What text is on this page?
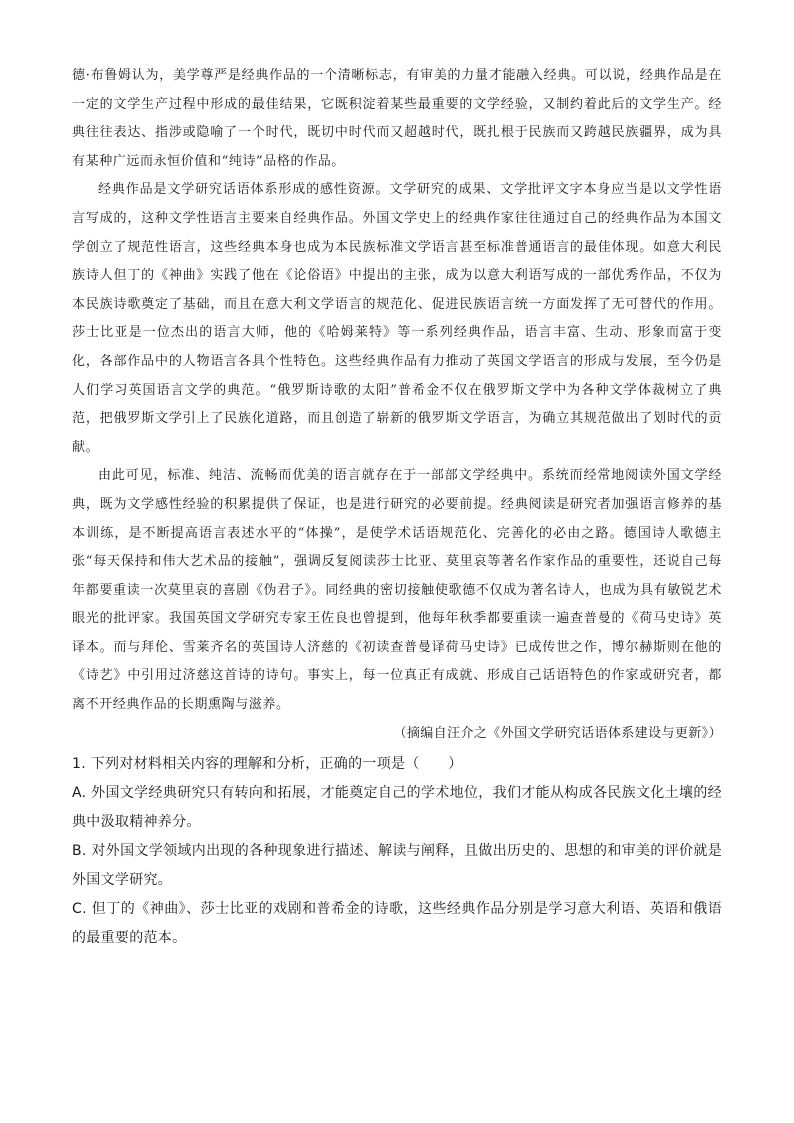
德·布鲁姆认为，美学尊严是经典作品的一个清晰标志，有审美的力量才能融入经典。可以说，经典作品是在一定的文学生产过程中形成的最佳结果，它既积淀着某些最重要的文学经验，又制约着此后的文学生产。经典往往表达、指涉或隐喻了一个时代，既切中时代而又超越时代，既扎根于民族而又跨越民族疆界，成为具有某种广远而永恒价值和“纯诗”品格的作品。

经典作品是文学研究话语体系形成的感性资源。文学研究的成果、文学批评文字本身应当是以文学性语言写成的，这种文学性语言主要来自经典作品。外国文学史上的经典作家往往通过自己的经典作品为本国文学创立了规范性语言，这些经典本身也成为本民族标准文学语言甚至标准普通语言的最佳体现。如意大利民族诗人但丁的《神曲》实践了他在《论俗语》中提出的主张，成为以意大利语写成的一部优秀作品，不仅为本民族诗歌奠定了基础，而且在意大利文学语言的规范化、促进民族语言统一方面发挥了无可替代的作用。莎士比亚是一位杰出的语言大师，他的《哈姆莱特》等一系列经典作品，语言丰富、生动、形象而富于变化，各部作品中的人物语言各具个性特色。这些经典作品有力推动了英国文学语言的形成与发展，至今仍是人们学习英国语言文学的典范。“俄罗斯诗歌的太阳”普希金不仅在俄罗斯文学中为各种文学体裁树立了典范，把俄罗斯文学引上了民族化道路，而且创造了崭新的俄罗斯文学语言，为确立其规范做出了划时代的贡献。

由此可见，标准、纯洁、流畅而优美的语言就存在于一部部文学经典中。系统而经常地阅读外国文学经典，既为文学感性经验的积累提供了保证，也是进行研究的必要前提。经典阅读是研究者加强语言修养的基本训练，是不断提高语言表述水平的“体操”，是使学术话语规范化、完善化的必由之路。德国诗人歌德主张“每天保持和伟大艺术品的接触”，强调反复阅读莎士比亚、莫里哀等著名作家作品的重要性，还说自己每年都要重读一次莫里哀的喜剧《伪君子》。同经典的密切接触使歌德不仅成为著名诗人，也成为具有敏锐艺术眼光的批评家。我国英国文学研究专家王佐良也曾提到，他每年秋季都要重读一遍查普曼的《荷马史诗》英译本。而与拜伦、雪莱齐名的英国诗人济慈的《初读查普曼译荷马史诗》已成传世之作，博尔赫斯则在他的《诗艺》中引用过济慈这首诗的诗句。事实上，每一位真正有成就、形成自己话语特色的作家或研究者，都离不开经典作品的长期熏陶与滋养。

（摘编自汪介之《外国文学研究话语体系建设与更新》）

1. 下列对材料相关内容的理解和分析，正确的一项是（　　）

A. 外国文学经典研究只有转向和拓展，才能奠定自己的学术地位，我们才能从构成各民族文化土壤的经典中汲取精神养分。

B. 对外国文学领域内出现的各种现象进行描述、解读与阐释，且做出历史的、思想的和审美的评价就是外国文学研究。

C. 但丁的《神曲》、莎士比亚的戏剧和普希金的诗歌，这些经典作品分别是学习意大利语、英语和俄语的最重要的范本。
